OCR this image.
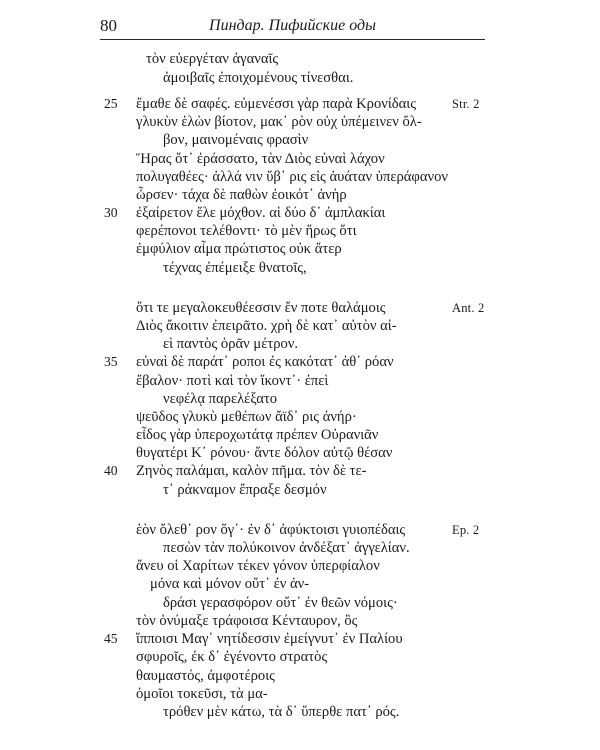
80	Пиндар. Пифийские оды
τὸν εὐεργέταν ἀγαναῖς
ἀμοιβαῖς ἐποιχομένους τίνεσθαι.
25 ἔμαθε δὲ σαφές. εὐμενέσσι γὰρ παρὰ Κρονίδαις	Str. 2
γλυκὺν ἑλὼν βίοτον, μακ᾿ ρὸν οὐχ ὑπέμεινεν ὄλ-
βον, μαινομέναις φρασὶν
Ἥρας ὅτ᾿ ἐράσσατο, τὰν Διὸς εὐναὶ λάχον
πολυγαθέες· ἀλλά νιν ὕβ᾿ ρις εἰς ἀυάταν ὑπεράφανον
ὦρσεν· τάχα δὲ παθὼν ἐοικότ᾿ ἀνὴρ
30 ἐξαίρετον ἕλε μόχθον. αἱ δύο δ᾿ ἀμπλακίαι
φερέπονοι τελέθοντι· τὸ μὲν ἥρως ὅτι
ἐμφύλιον αἷμα πρώτιστος οὐκ ἄτερ
τέχνας ἐπέμειξε θνατοῖς,
ὅτι τε μεγαλοκευθέεσσιν ἔν ποτε θαλάμοις	Ant. 2
Διὸς ἄκοιτιν ἐπειρᾶτο. χρὴ δὲ κατ᾿ αὐτὸν αἰ-
εὶ παντὸς ὁρᾶν μέτρον.
35 εὐναὶ δὲ παράτ᾿ ροποι ἐς κακότατ᾿ ἀθ᾿ ρόαν
ἔβαλον· ποτὶ καὶ τὸν ἵκοντ᾿· ἐπεὶ
νεφέλᾳ παρελέξατο
ψεῦδος γλυκὺ μεθέπων ἄϊδ᾿ ρις ἀνήρ·
εἶδος γὰρ ὑπεροχωτάτᾳ πρέπεν Οὐρανιᾶν
θυγατέρι Κ᾿ ρόνου· ἅντε δόλον αὐτῷ θέσαν
40 Ζηνὸς παλάμαι, καλὸν πῆμα. τὸν δὲ τε-
τ᾿ ράκναμον ἔπραξε δεσμόν
ἑὸν ὄλεθ᾿ ρον ὅγ᾿· ἐν δ᾿ ἀφύκτοισι γυιοπέδαις	Ep. 2
πεσὼν τὰν πολύκοινον ἀνδέξατ᾿ ἀγγελίαν.
ἄνευ οἱ Χαρίτων τέκεν γόνον ὑπερφίαλον
μόνα καὶ μόνον οὔτ᾿ ἐν ἀν-
δράσι γερασφόρον οὔτ᾿ ἐν θεῶν νόμοις·
τὸν ὀνύμαξε τράφοισα Κένταυρον, ὃς
45 ἵπποισι Μαγ᾿ νητίδεσσιν ἐμείγνυτ᾿ ἐν Παλίου
σφυροῖς, ἐκ δ᾿ ἐγένοντο στρατὸς
θαυμαστός, ἀμφοτέροις
ὁμοῖοι τοκεῦσι, τὰ μα-
τρόθεν μὲν κάτω, τὰ δ᾿ ὕπερθε πατ᾿ ρός.
